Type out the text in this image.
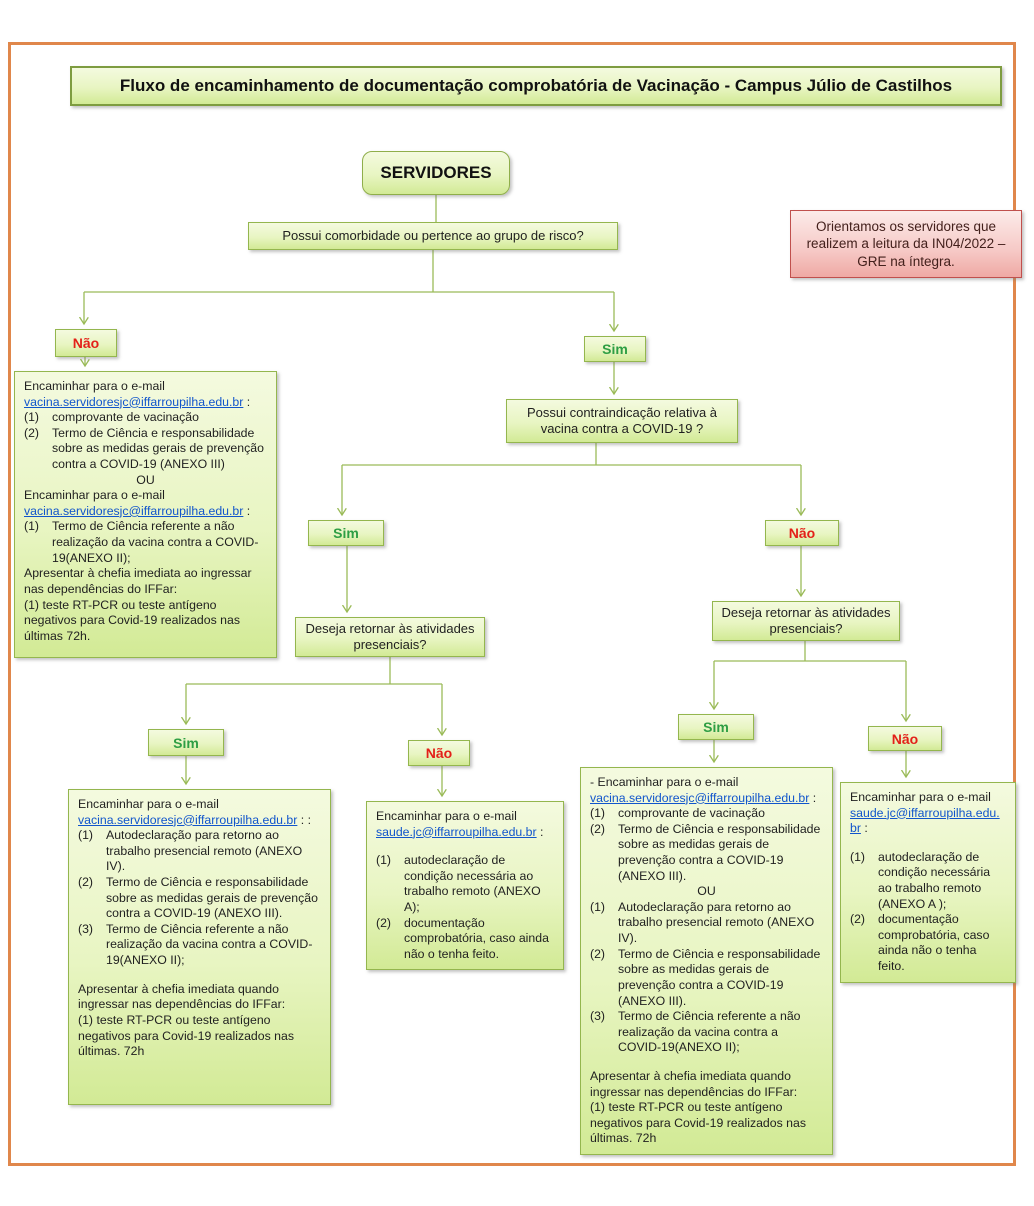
Fluxo de encaminhamento de documentação comprobatória de Vacinação - Campus Júlio de Castilhos
SERVIDORES
Possui comorbidade ou pertence ao grupo de risco?
Orientamos os servidores que realizem a leitura da IN04/2022 –GRE na íntegra.
Não	Sim
Encaminhar para o e-mail
vacina.servidoresjc@iffarroupilha.edu.br :
(1)	comprovante de vacinação
(2)	Termo de Ciência e responsabilidade sobre as medidas gerais de prevenção contra a COVID-19 (ANEXO III)
OU
Encaminhar para o e-mail
vacina.servidoresjc@iffarroupilha.edu.br :
(1)	Termo de Ciência referente a não realização da vacina contra a COVID-19(ANEXO II);
Apresentar à chefia imediata ao ingressar nas dependências do IFFar:
(1) teste RT-PCR ou teste antígeno negativos para Covid-19 realizados nas últimas 72h.
Possui contraindicação relativa à vacina contra a COVID-19 ?
Sim	Não
Deseja retornar às atividades presenciais?
Deseja retornar às atividades presenciais?
Sim
Não
Sim
Não
Encaminhar para o e-mail
vacina.servidoresjc@iffarroupilha.edu.br : :
(1)	Autodeclaração para retorno ao trabalho presencial remoto (ANEXO IV).
(2)	Termo de Ciência e responsabilidade sobre as medidas gerais de prevenção contra a COVID-19 (ANEXO III).
(3)	Termo de Ciência referente a não realização da vacina contra a COVID-19(ANEXO II);
Apresentar à chefia imediata quando ingressar nas dependências do IFFar:
(1) teste RT-PCR ou teste antígeno negativos para Covid-19 realizados nas últimas. 72h
Encaminhar para o e-mail
saude.jc@iffarroupilha.edu.br :
(1)	autodeclaração de condição necessária ao trabalho remoto (ANEXO A);
(2)	documentação comprobatória, caso ainda não o tenha feito.
- Encaminhar para o e-mail
vacina.servidoresjc@iffarroupilha.edu.br :
(1)	comprovante de vacinação
(2)	Termo de Ciência e responsabilidade sobre as medidas gerais de prevenção contra a COVID-19 (ANEXO III).
OU
(1)	Autodeclaração para retorno ao trabalho presencial remoto (ANEXO IV).
(2)	Termo de Ciência e responsabilidade sobre as medidas gerais de prevenção contra a COVID-19 (ANEXO III).
(3)	Termo de Ciência referente a não realização da vacina contra a COVID-19(ANEXO II);
Apresentar à chefia imediata quando ingressar nas dependências do IFFar:
(1) teste RT-PCR ou teste antígeno negativos para Covid-19 realizados nas últimas. 72h
Encaminhar para o e-mail
saude.jc@iffarroupilha.edu.br :
(1)	autodeclaração de condição necessária ao trabalho remoto (ANEXO A );
(2)	documentação comprobatória, caso ainda não o tenha feito.
